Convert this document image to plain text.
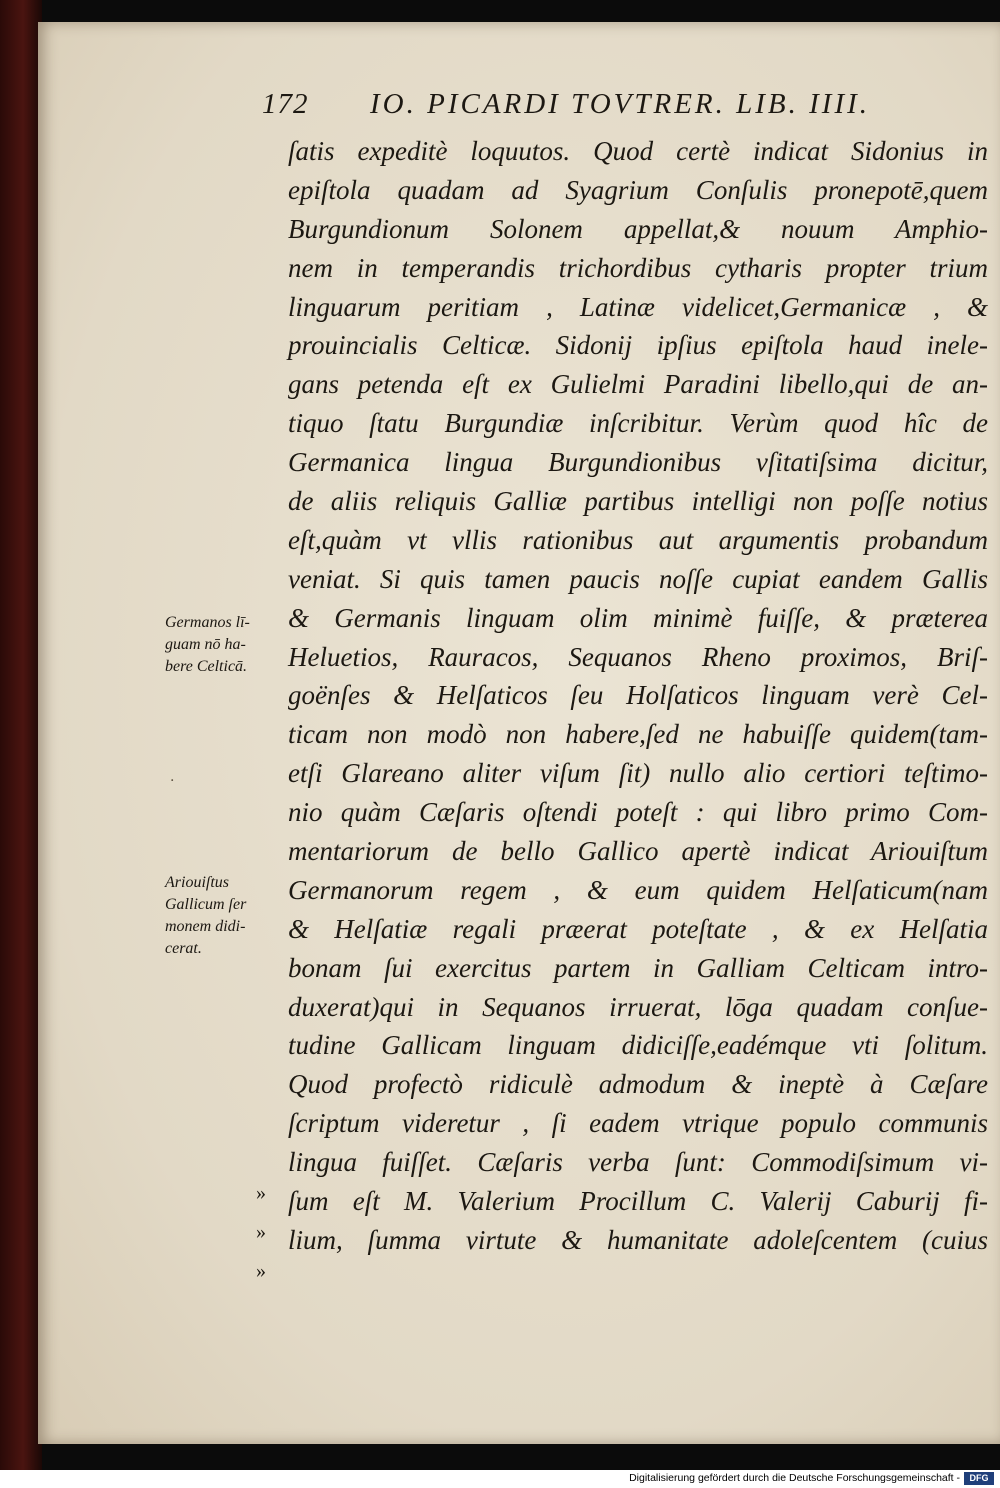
172 IO. PICARDI TOVTRER. LIB. IIII.
ſatis expeditè loquutos. Quod certè indicat Sidonius in
epiſtola quadam ad Syagrium Conſulis pronepotē,quem
Burgundionum Solonem appellat,& nouum Amphio-
nem in temperandis trichordibus cytharis propter trium
linguarum peritiam , Latinæ videlicet,Germanicæ , &
prouincialis Celticæ. Sidonij ipſius epiſtola haud inele-
gans petenda eſt ex Gulielmi Paradini libello,qui de an-
tiquo ſtatu Burgundiæ inſcribitur. Verùm quod hîc de
Germanica lingua Burgundionibus vſitatiſsima dicitur,
de aliis reliquis Galliæ partibus intelligi non poſſe notius
eſt,quàm vt vllis rationibus aut argumentis probandum
veniat. Si quis tamen paucis noſſe cupiat eandem Gallis
& Germanis linguam olim minimè fuiſſe, & præterea
Heluetios, Rauracos, Sequanos Rheno proximos, Briſ-
goënſes & Helſaticos ſeu Holſaticos linguam verè Cel-
ticam non modò non habere,ſed ne habuiſſe quidem(tam-
etſi Glareano aliter viſum ſit) nullo alio certiori teſtimo-
nio quàm Cæſaris oſtendi poteſt : qui libro primo Com-
mentariorum de bello Gallico apertè indicat Ariouiſtum
Germanorum regem , & eum quidem Helſaticum(nam
& Helſatiæ regali præerat poteſtate , & ex Helſatia
bonam ſui exercitus partem in Galliam Celticam intro-
duxerat)qui in Sequanos irruerat, lōga quadam conſue-
tudine Gallicam linguam didiciſſe,eadémque vti ſolitum.
Quod profectò ridiculè admodum & ineptè à Cæſare
ſcriptum videretur , ſi eadem vtrique populo communis
lingua fuiſſet. Cæſaris verba ſunt: Commodiſsimum vi-
ſum eſt M. Valerium Procillum C. Valerij Caburij fi-
lium, ſumma virtute & humanitate adoleſcentem (cuius
Germanos lī-
guam nō ha-
bere Celticā.
Ariouiſtus
Gallicum ſer
monem didi-
cerat.
·
»
»
»
Digitalisierung gefördert durch die Deutsche Forschungsgemeinschaft -	DFG
